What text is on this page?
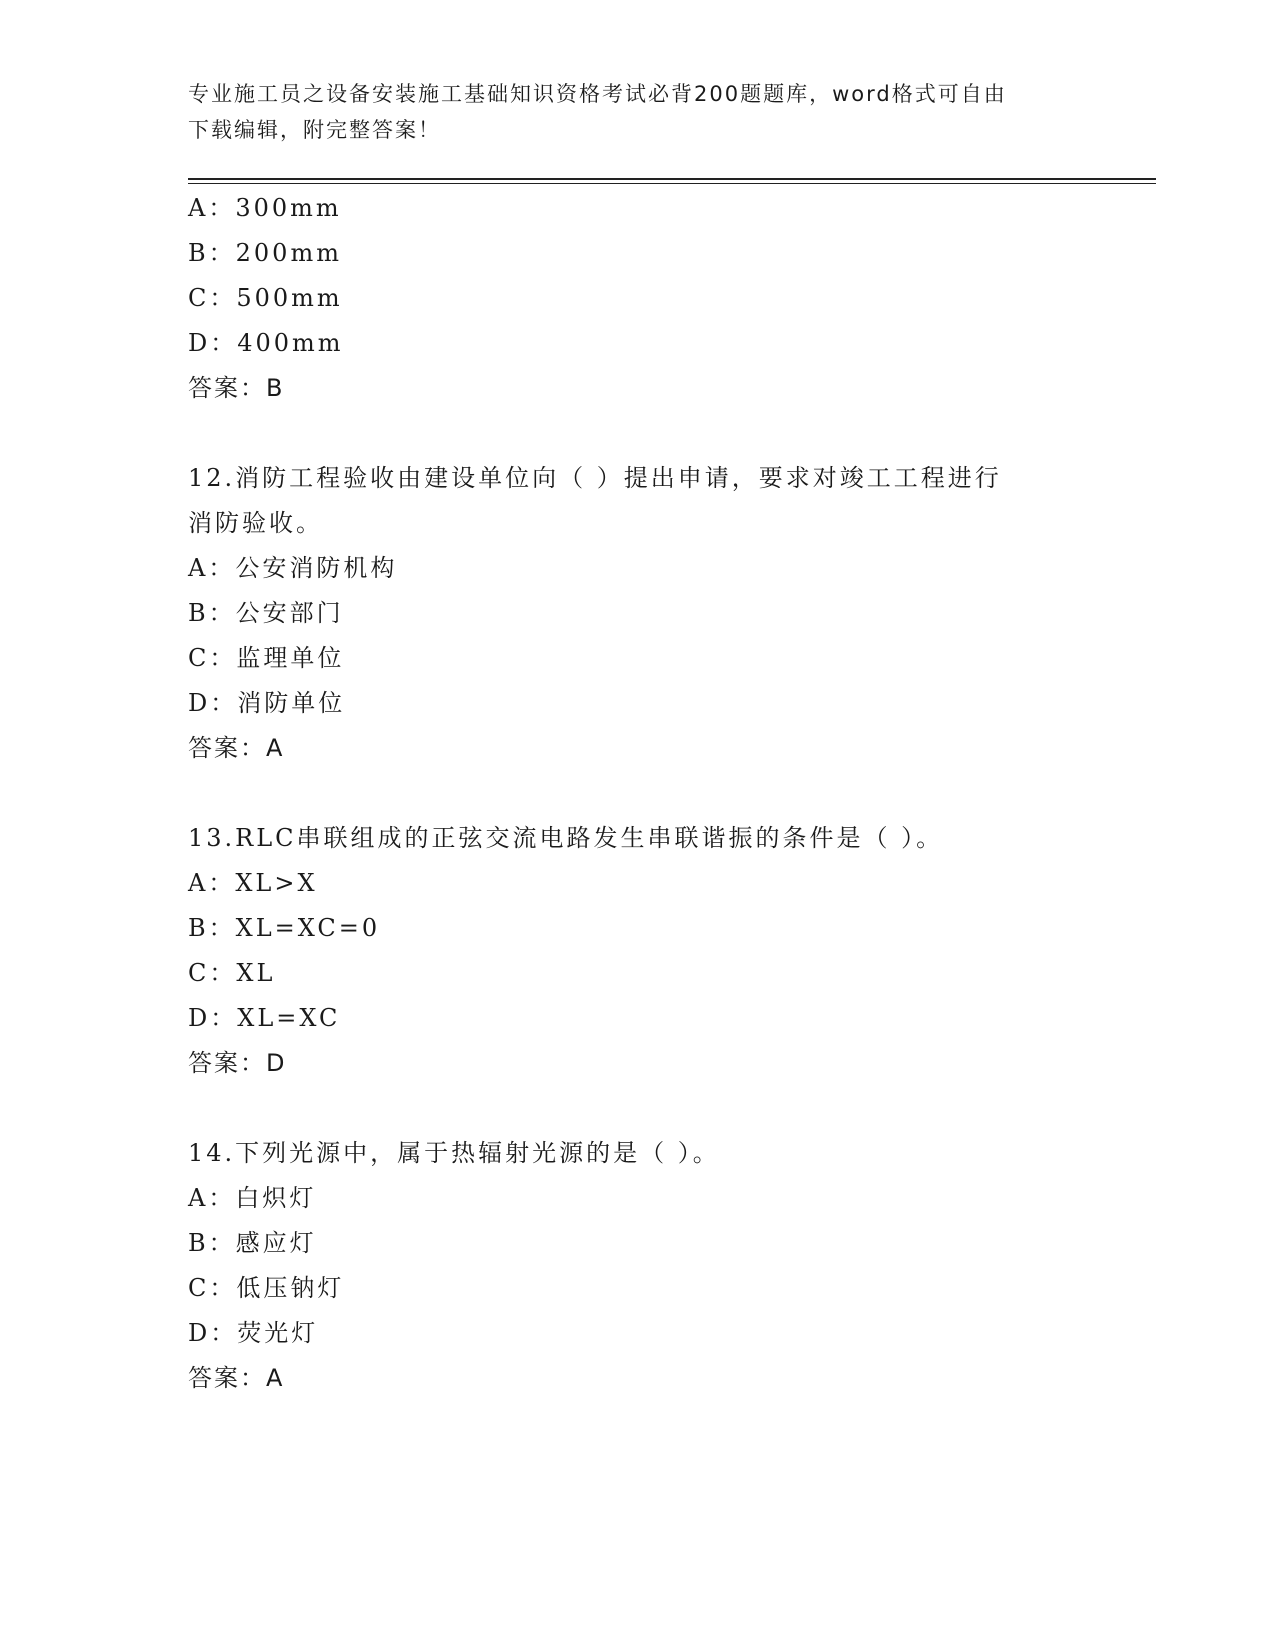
专业施工员之设备安装施工基础知识资格考试必背200题题库，word格式可自由
下载编辑，附完整答案！
A：300mm
B：200mm
C：500mm
D：400mm
答案：B
12.消防工程验收由建设单位向（ ）提出申请，要求对竣工工程进行
消防验收。
A：公安消防机构
B：公安部门
C：监理单位
D：消防单位
答案：A
13.RLC串联组成的正弦交流电路发生串联谐振的条件是（ ）。
A：XL>X
B：XL=XC=0
C：XL
D：XL=XC
答案：D
14.下列光源中，属于热辐射光源的是（ ）。
A：白炽灯
B：感应灯
C：低压钠灯
D：荧光灯
答案：A
